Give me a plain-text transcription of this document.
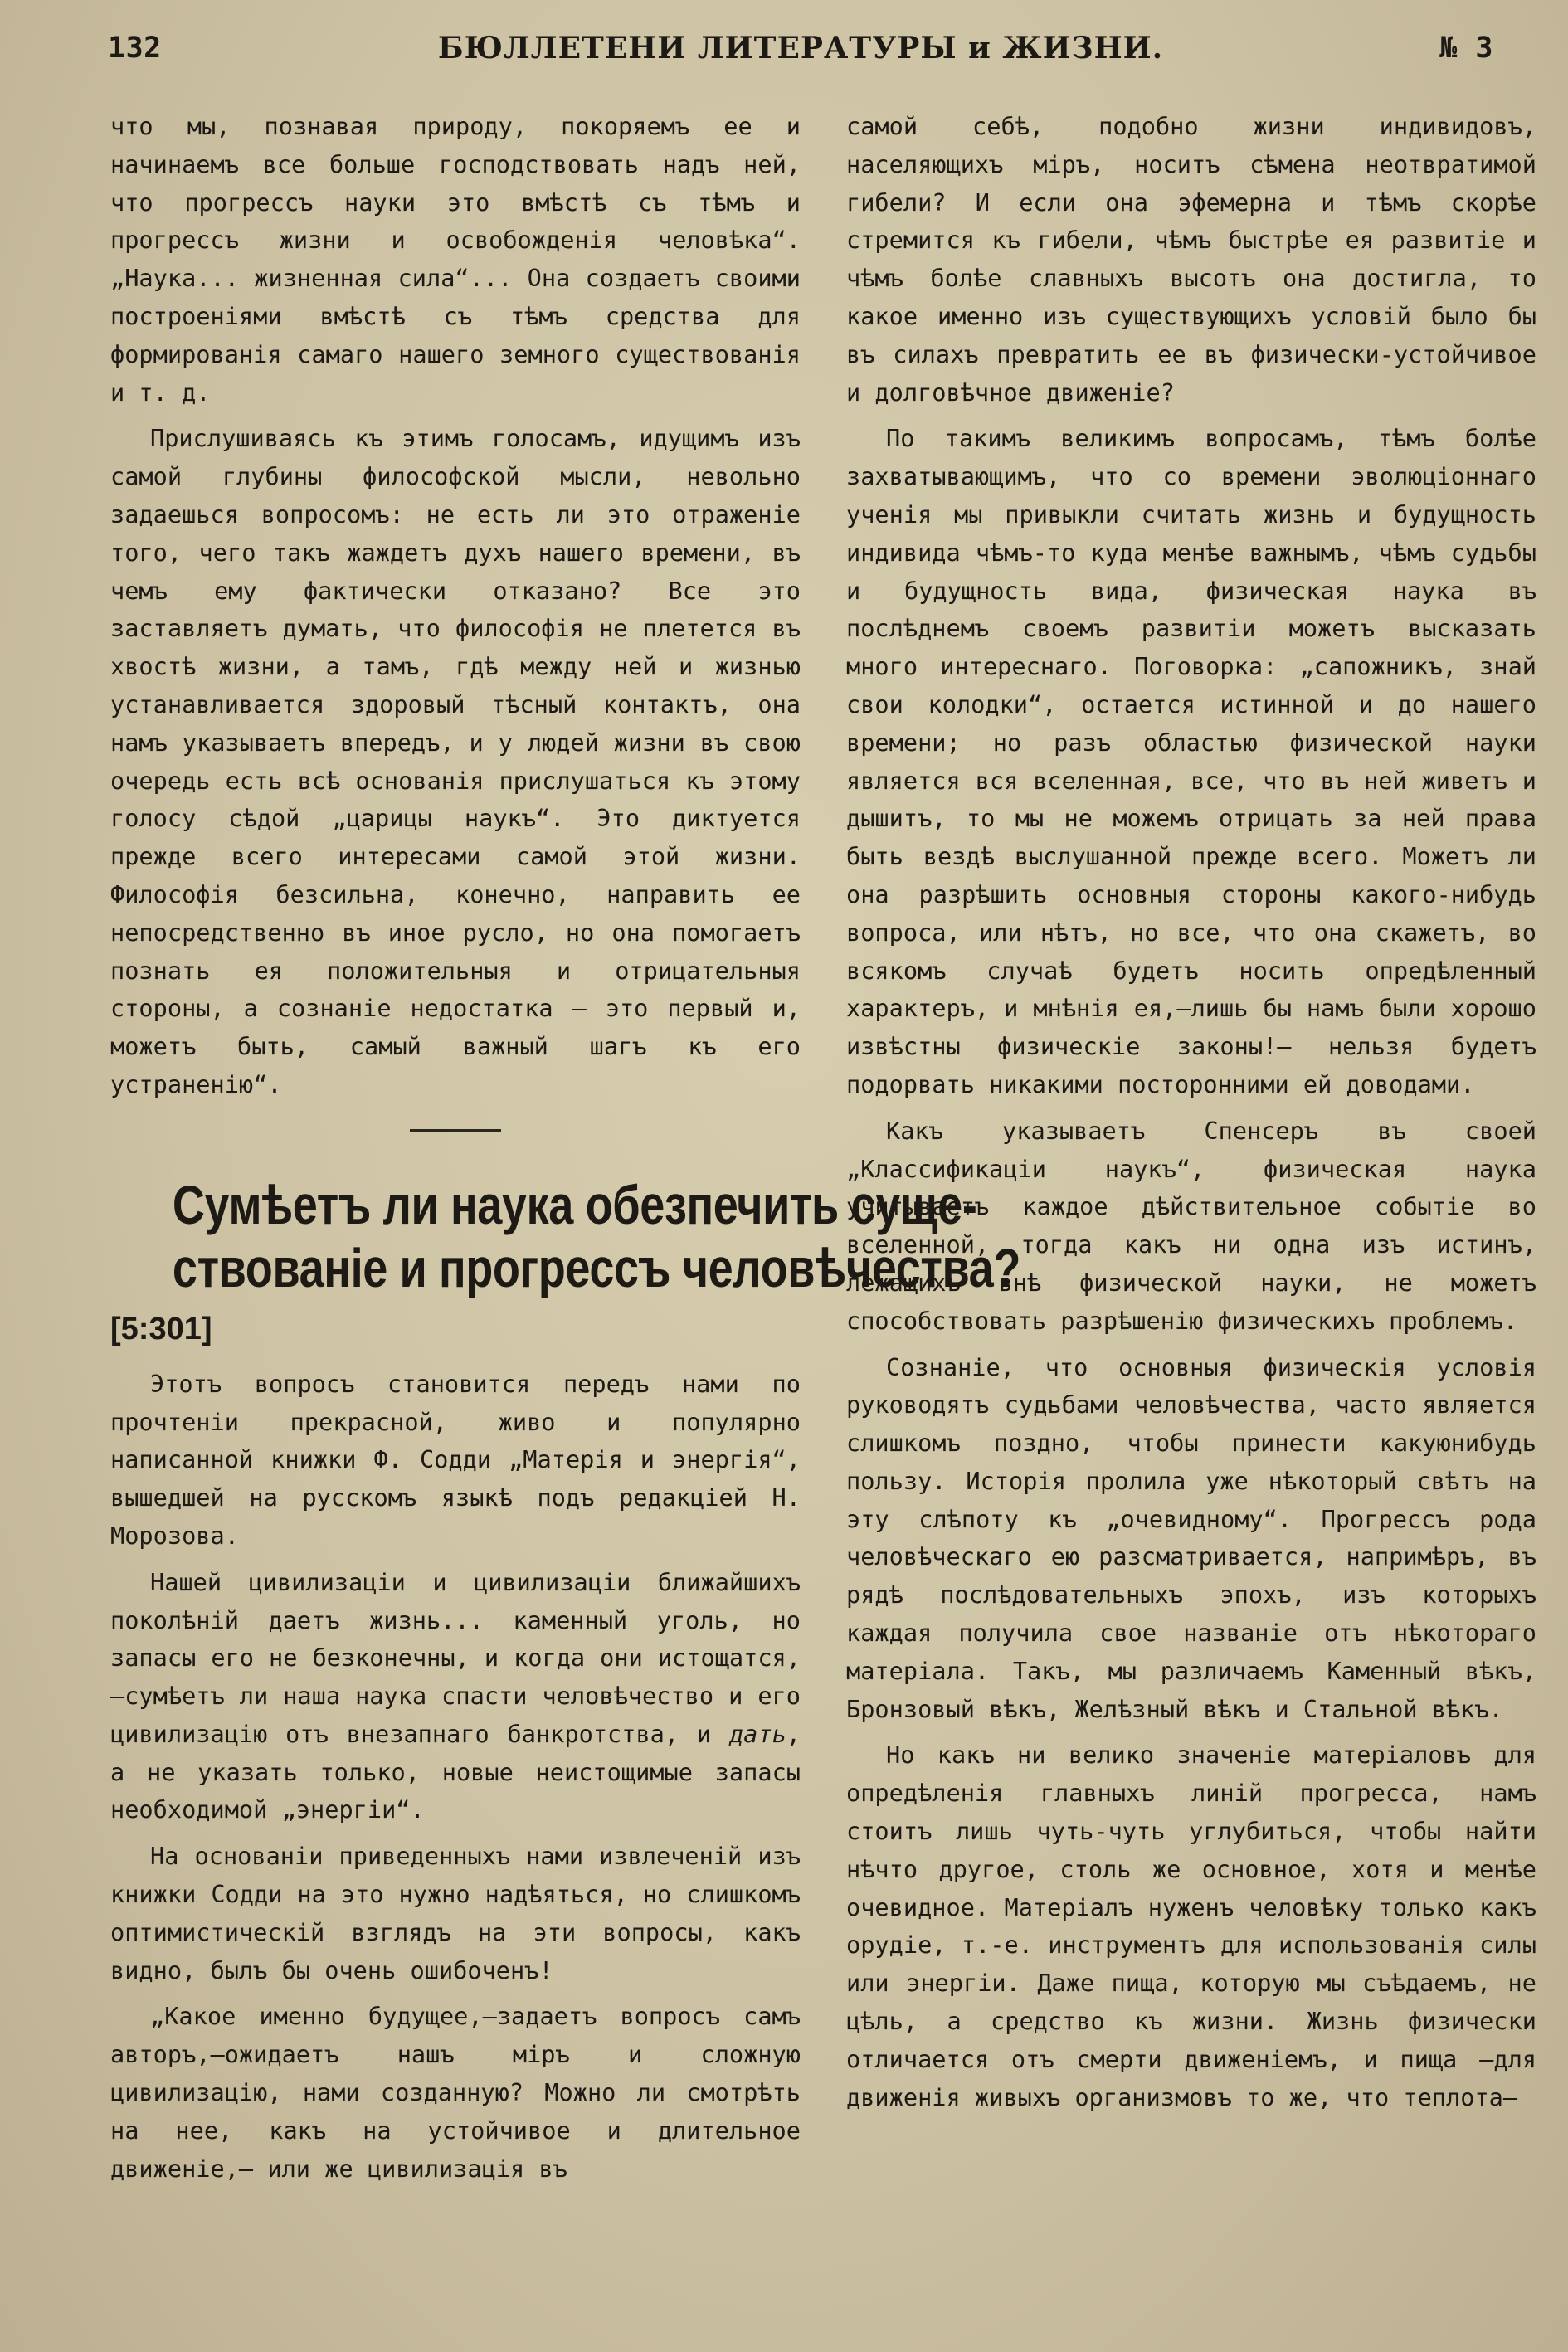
132	БЮЛЛЕТЕНИ ЛИТЕРАТУРЫ и ЖИЗНИ.	№ 3

что мы, познавая природу, покоряемъ ее и начинаемъ все больше господствовать надъ ней, что прогрессъ науки это вмѣстѣ съ тѣмъ и прогрессъ жизни и освобожденія человѣка“. „Наука... жизненная сила“... Она создаетъ своими построеніями вмѣстѣ съ тѣмъ средства для формированія самаго нашего земного существованія и т. д.

Прислушиваясь къ этимъ голосамъ, идущимъ изъ самой глубины философской мысли, невольно задаешься вопросомъ: не есть ли это отраженіе того, чего такъ жаждетъ духъ нашего времени, въ чемъ ему фактически отказано? Все это заставляетъ думать, что философія не плетется въ хвостѣ жизни, а тамъ, гдѣ между ней и жизнью устанавливается здоровый тѣсный контактъ, она намъ указываетъ впередъ, и у людей жизни въ свою очередь есть всѣ основанія прислушаться къ этому голосу сѣдой „царицы наукъ“. Это диктуется прежде всего интересами самой этой жизни. Философія безсильна, конечно, направить ее непосредственно въ иное русло, но она помогаетъ познать ея положительныя и отрицательныя стороны, а сознаніе недостатка — это первый и, можетъ быть, самый важный шагъ къ его устраненію“.

Сумѣетъ ли наука обезпечить суще-
ствованіе и прогрессъ человѣчества?
[5:301]

Этотъ вопросъ становится передъ нами по прочтеніи прекрасной, живо и популярно написанной книжки Ф. Содди „Матерія и энергія“, вышедшей на русскомъ языкѣ подъ редакціей Н. Морозова.

Нашей цивилизаціи и цивилизаціи ближайшихъ поколѣній даетъ жизнь... каменный уголь, но запасы его не безконечны, и когда они истощатся,—сумѣетъ ли наша наука спасти человѣчество и его цивилизацію отъ внезапнаго банкротства, и дать, а не указать только, новые неистощимые запасы необходимой „энергіи“.

На основаніи приведенныхъ нами извлеченій изъ книжки Содди на это нужно надѣяться, но слишкомъ оптимистическій взглядъ на эти вопросы, какъ видно, былъ бы очень ошибоченъ!

„Какое именно будущее,—задаетъ вопросъ самъ авторъ,—ожидаетъ нашъ міръ и сложную цивилизацію, нами созданную? Можно ли смотрѣть на нее, какъ на устойчивое и длительное движеніе,— или же цивилизація въ

самой себѣ, подобно жизни индивидовъ, населяющихъ міръ, носитъ сѣмена неотвратимой гибели? И если она эфемерна и тѣмъ скорѣе стремится къ гибели, чѣмъ быстрѣе ея развитіе и чѣмъ болѣе славныхъ высотъ она достигла, то какое именно изъ существующихъ условій было бы въ силахъ превратить ее въ физически-устойчивое и долговѣчное движеніе?

По такимъ великимъ вопросамъ, тѣмъ болѣе захватывающимъ, что со времени эволюціоннаго ученія мы привыкли считать жизнь и будущность индивида чѣмъ-то куда менѣе важнымъ, чѣмъ судьбы и будущность вида, физическая наука въ послѣднемъ своемъ развитіи можетъ высказать много интереснаго. Поговорка: „сапожникъ, знай свои колодки“, остается истинной и до нашего времени; но разъ областью физической науки является вся вселенная, все, что въ ней живетъ и дышитъ, то мы не можемъ отрицать за ней права быть вездѣ выслушанной прежде всего. Можетъ ли она разрѣшить основныя стороны какого-нибудь вопроса, или нѣтъ, но все, что она скажетъ, во всякомъ случаѣ будетъ носить опредѣленный характеръ, и мнѣнія ея,—лишь бы намъ были хорошо извѣстны физическіе законы!— нельзя будетъ подорвать никакими посторонними ей доводами.

Какъ указываетъ Спенсеръ въ своей „Классификаціи наукъ“, физическая наука учитываетъ каждое дѣйствительное событіе во вселенной, тогда какъ ни одна изъ истинъ, лежащихъ внѣ физической науки, не можетъ способствовать разрѣшенію физическихъ проблемъ.

Сознаніе, что основныя физическія условія руководятъ судьбами человѣчества, часто является слишкомъ поздно, чтобы принести какуюнибудь пользу. Исторія пролила уже нѣкоторый свѣтъ на эту слѣпоту къ „очевидному“. Прогрессъ рода человѣческаго ею разсматривается, напримѣръ, въ рядѣ послѣдовательныхъ эпохъ, изъ которыхъ каждая получила свое названіе отъ нѣкотораго матеріала. Такъ, мы различаемъ Каменный вѣкъ, Бронзовый вѣкъ, Желѣзный вѣкъ и Стальной вѣкъ.

Но какъ ни велико значеніе матеріаловъ для опредѣленія главныхъ линій прогресса, намъ стоитъ лишь чуть-чуть углубиться, чтобы найти нѣчто другое, столь же основное, хотя и менѣе очевидное. Матеріалъ нуженъ человѣку только какъ орудіе, т.-е. инструментъ для использованія силы или энергіи. Даже пища, которую мы съѣдаемъ, не цѣль, а средство къ жизни. Жизнь физически отличается отъ смерти движеніемъ, и пища —для движенія живыхъ организмовъ то же, что теплота—
